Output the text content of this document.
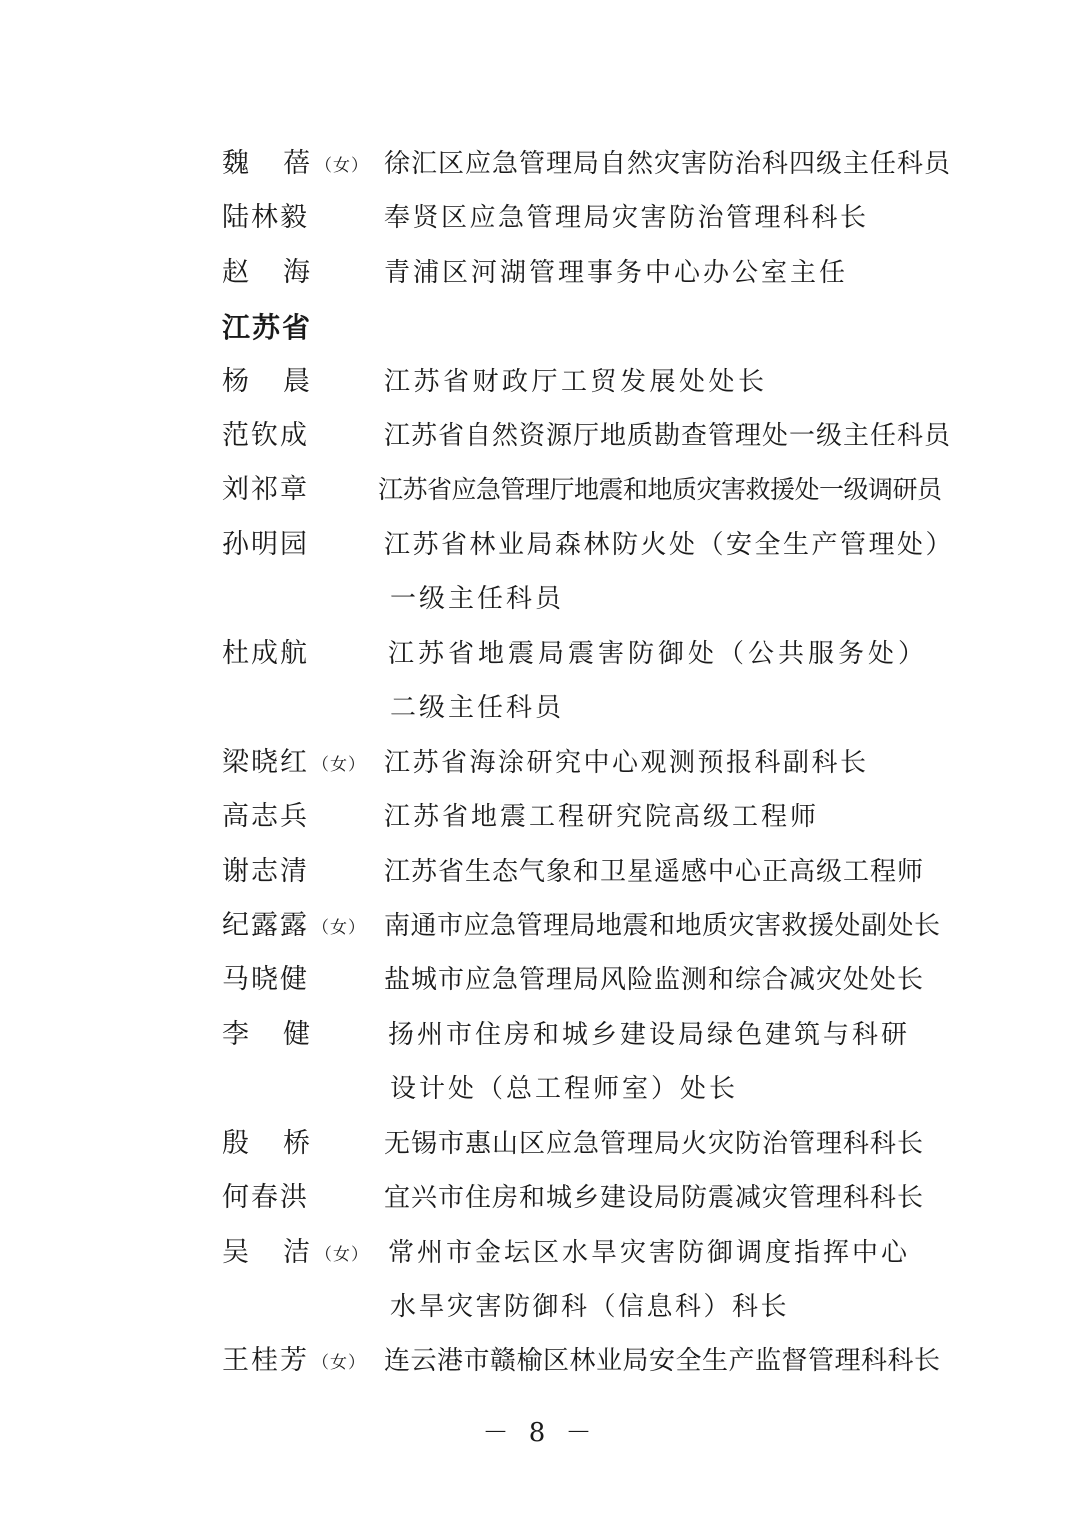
魏 蓓 （女） 徐汇区应急管理局自然灾害防治科四级主任科员
陆林毅	奉贤区应急管理局灾害防治管理科科长
赵 海	青浦区河湖管理事务中心办公室主任
江苏省
杨 晨	江苏省财政厅工贸发展处处长
范钦成	江苏省自然资源厅地质勘查管理处一级主任科员
刘祁章	江苏省应急管理厅地震和地质灾害救援处一级调研员
孙明园	江苏省林业局森林防火处（安全生产管理处）
一级主任科员
杜成航	江苏省地震局震害防御处（公共服务处）
二级主任科员
梁晓红 （女） 江苏省海涂研究中心观测预报科副科长
高志兵	江苏省地震工程研究院高级工程师
谢志清	江苏省生态气象和卫星遥感中心正高级工程师
纪露露 （女） 南通市应急管理局地震和地质灾害救援处副处长
马晓健	盐城市应急管理局风险监测和综合减灾处处长
李 健	扬州市住房和城乡建设局绿色建筑与科研
设计处（总工程师室）处长
殷 桥	无锡市惠山区应急管理局火灾防治管理科科长
何春洪	宜兴市住房和城乡建设局防震减灾管理科科长
吴 洁 （女） 常州市金坛区水旱灾害防御调度指挥中心
水旱灾害防御科（信息科）科长
王桂芳 （女） 连云港市赣榆区林业局安全生产监督管理科科长
－ 8 －
